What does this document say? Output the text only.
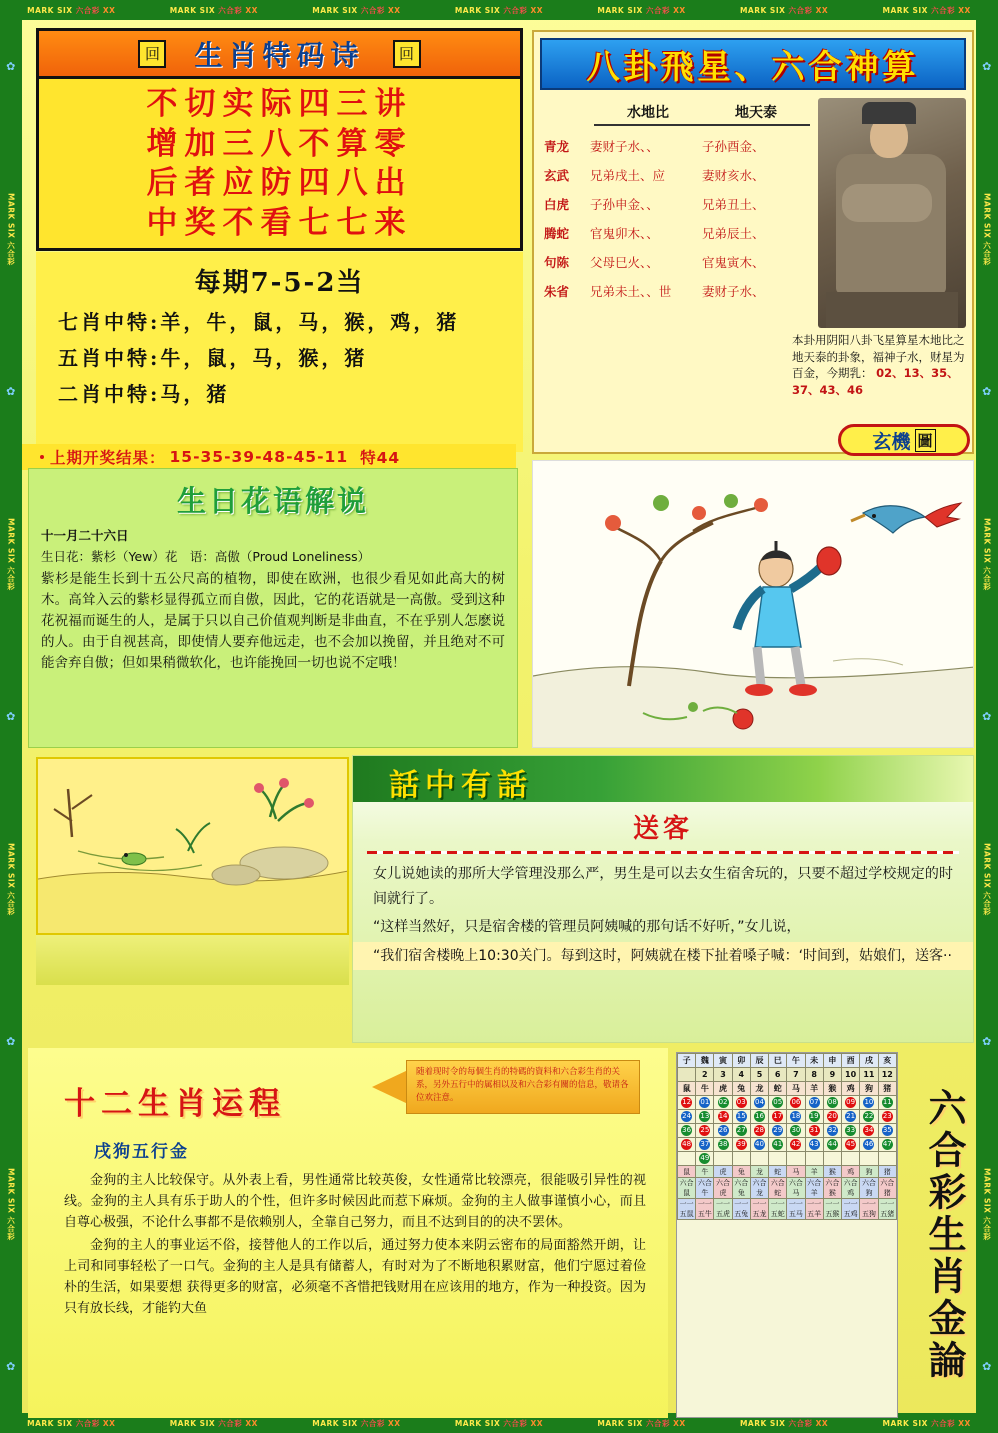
MARK SIX 六合彩 XX	MARK SIX 六合彩 XX	MARK SIX 六合彩 XX	MARK SIX 六合彩 XX	MARK SIX 六合彩 XX	MARK SIX 六合彩 XX	MARK SIX 六合彩 XX
MARK SIX 六合彩 XX	MARK SIX 六合彩 XX	MARK SIX 六合彩 XX	MARK SIX 六合彩 XX	MARK SIX 六合彩 XX	MARK SIX 六合彩 XX	MARK SIX 六合彩 XX
✿
MARK SIX 六合彩
✿
MARK SIX 六合彩
✿
MARK SIX 六合彩
✿
MARK SIX 六合彩
✿
✿
MARK SIX 六合彩
✿
MARK SIX 六合彩
✿
MARK SIX 六合彩
✿
MARK SIX 六合彩
✿
回 生肖特码诗	回
不切实际四三讲
增加三八不算零
后者应防四八出
中奖不看七七来
每期7-5-2当
七肖中特:羊，牛，鼠，马，猴，鸡，猪
五肖中特:牛，鼠，马，猴，猪
二肖中特:马，猪
上期开奖结果： 15-35-39-48-45-11 特44
八卦飛星、六合神算
水地比	地天泰
青龙	妻财子水、、	子孙酉金、
玄武	兄弟戌土、应	妻财亥水、
白虎	子孙申金、、	兄弟丑土、
腾蛇	官鬼卯木、、	兄弟辰土、
句陈	父母巳火、、	官鬼寅木、
朱省	兄弟未土、、世	妻财子水、
本卦用阴阳八卦飞星算星木地比之地天泰的卦象，福神子水，财星为百金，今期乳： 02、13、35、37、43、46
玄機 圖
生日花语解说
十一月二十六日
生日花：紫杉（Yew）花　语：高傲（Proud Loneliness）
紫杉是能生长到十五公尺高的植物，即使在欧洲，也很少看见如此高大的树木。高耸入云的紫杉显得孤立而自傲，因此，它的花语就是一高傲。受到这种花祝福而诞生的人，是属于只以自己价值观判断是非曲直，不在乎别人怎麽说的人。由于自视甚高，即使情人要弃他远走，也不会加以挽留，并且绝对不可能舍弃自傲；但如果稍微软化，也许能挽回一切也说不定哦！
話中有話
送客
女儿说她读的那所大学管理没那么严，男生是可以去女生宿舍玩的，只要不超过学校规定的时间就行了。
“这样当然好，只是宿舍楼的管理员阿姨喊的那句话不好听，”女儿说，
“我们宿舍楼晚上10:30关门。每到这时，阿姨就在楼下扯着嗓子喊：‘时间到，姑娘们，送客··
十二生肖运程
戌狗五行金
金狗的主人比较保守。从外表上看，男性通常比较英俊，女性通常比较漂亮，很能吸引异性的视线。金狗的主人具有乐于助人的个性，但许多时候因此而惹下麻烦。金狗的主人做事谨慎小心，而且自尊心极强，不论什么事都不是依赖别人，全靠自己努力，而且不达到目的的决不罢休。
金狗的主人的事业运不俗，接替他人的工作以后，通过努力使本来阴云密布的局面豁然开朗，让上司和同事轻松了一口气。金狗的主人是具有储蓄人，有时对为了不断地积累财富，他们宁愿过着俭朴的生活，如果要想 获得更多的财富，必须毫不吝惜把钱财用在应该用的地方，作为一种投资。因为只有放长线，才能钓大鱼
随着现时令的每個生肖的特碼的資料和六合彩生肖的关系，另外五行中的属相以及和六合彩有關的信息，敬请各位欢注意。
子	魏	寅	卯	辰	巳	午	未	申	酉	戌	亥
	2	3	4	5	6	7	8	9	10	11	12
鼠	牛	虎	兔	龙	蛇	马	羊	猴	鸡	狗	猪
12	01	02	03	04	05	06	07	08	09	10	11
24	13	14	15	16	17	18	19	20	21	22	23
36	25	26	27	28	29	30	31	32	33	34	35
48	37	38	39	40	41	42	43	44	45	46	47
	49										
鼠	牛	虎	兔	龙	蛇	马	羊	猴	鸡	狗	猪
六合鼠	六合牛	六合虎	六合兔	六合龙	六合蛇	六合马	六合羊	六合猴	六合鸡	六合狗	六合猪
一一五鼠	一一五牛	一一五虎	一一五兔	一一五龙	一一五蛇	一一五马	一一五羊	一一五猴	一一五鸡	一一五狗	一一五猪 六合彩生肖金論
